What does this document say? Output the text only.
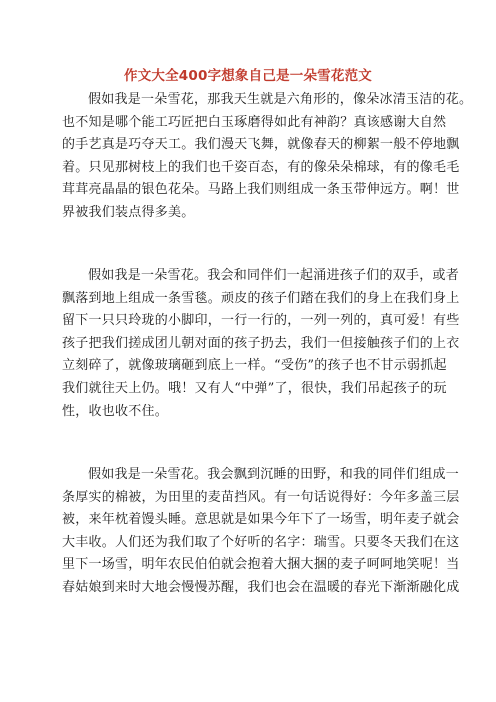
作文大全400字想象自己是一朵雪花范文
假如我是一朵雪花，那我天生就是六角形的，像朵冰清玉洁的花。
也不知是哪个能工巧匠把白玉琢磨得如此有神韵？真该感谢大自然
的手艺真是巧夺天工。我们漫天飞舞，就像春天的柳絮一般不停地飘
着。只见那树枝上的我们也千姿百态，有的像朵朵棉球，有的像毛毛
茸茸亮晶晶的银色花朵。马路上我们则组成一条玉带伸远方。啊！世
界被我们装点得多美。
假如我是一朵雪花。我会和同伴们一起涌进孩子们的双手，或者
飘落到地上组成一条雪毯。顽皮的孩子们踏在我们的身上在我们身上
留下一只只玲珑的小脚印，一行一行的，一列一列的，真可爱！有些
孩子把我们搓成团儿朝对面的孩子扔去，我们一但接触孩子们的上衣
立刻碎了，就像玻璃砸到底上一样。“受伤”的孩子也不甘示弱抓起
我们就往天上仍。哦！又有人“中弹”了，很快，我们吊起孩子的玩
性，收也收不住。
假如我是一朵雪花。我会飘到沉睡的田野，和我的同伴们组成一
条厚实的棉被，为田里的麦苗挡风。有一句话说得好：今年多盖三层
被，来年枕着馒头睡。意思就是如果今年下了一场雪，明年麦子就会
大丰收。人们还为我们取了个好听的名字：瑞雪。只要冬天我们在这
里下一场雪，明年农民伯伯就会抱着大捆大捆的麦子呵呵地笑呢！当
春姑娘到来时大地会慢慢苏醒，我们也会在温暖的春光下渐渐融化成
